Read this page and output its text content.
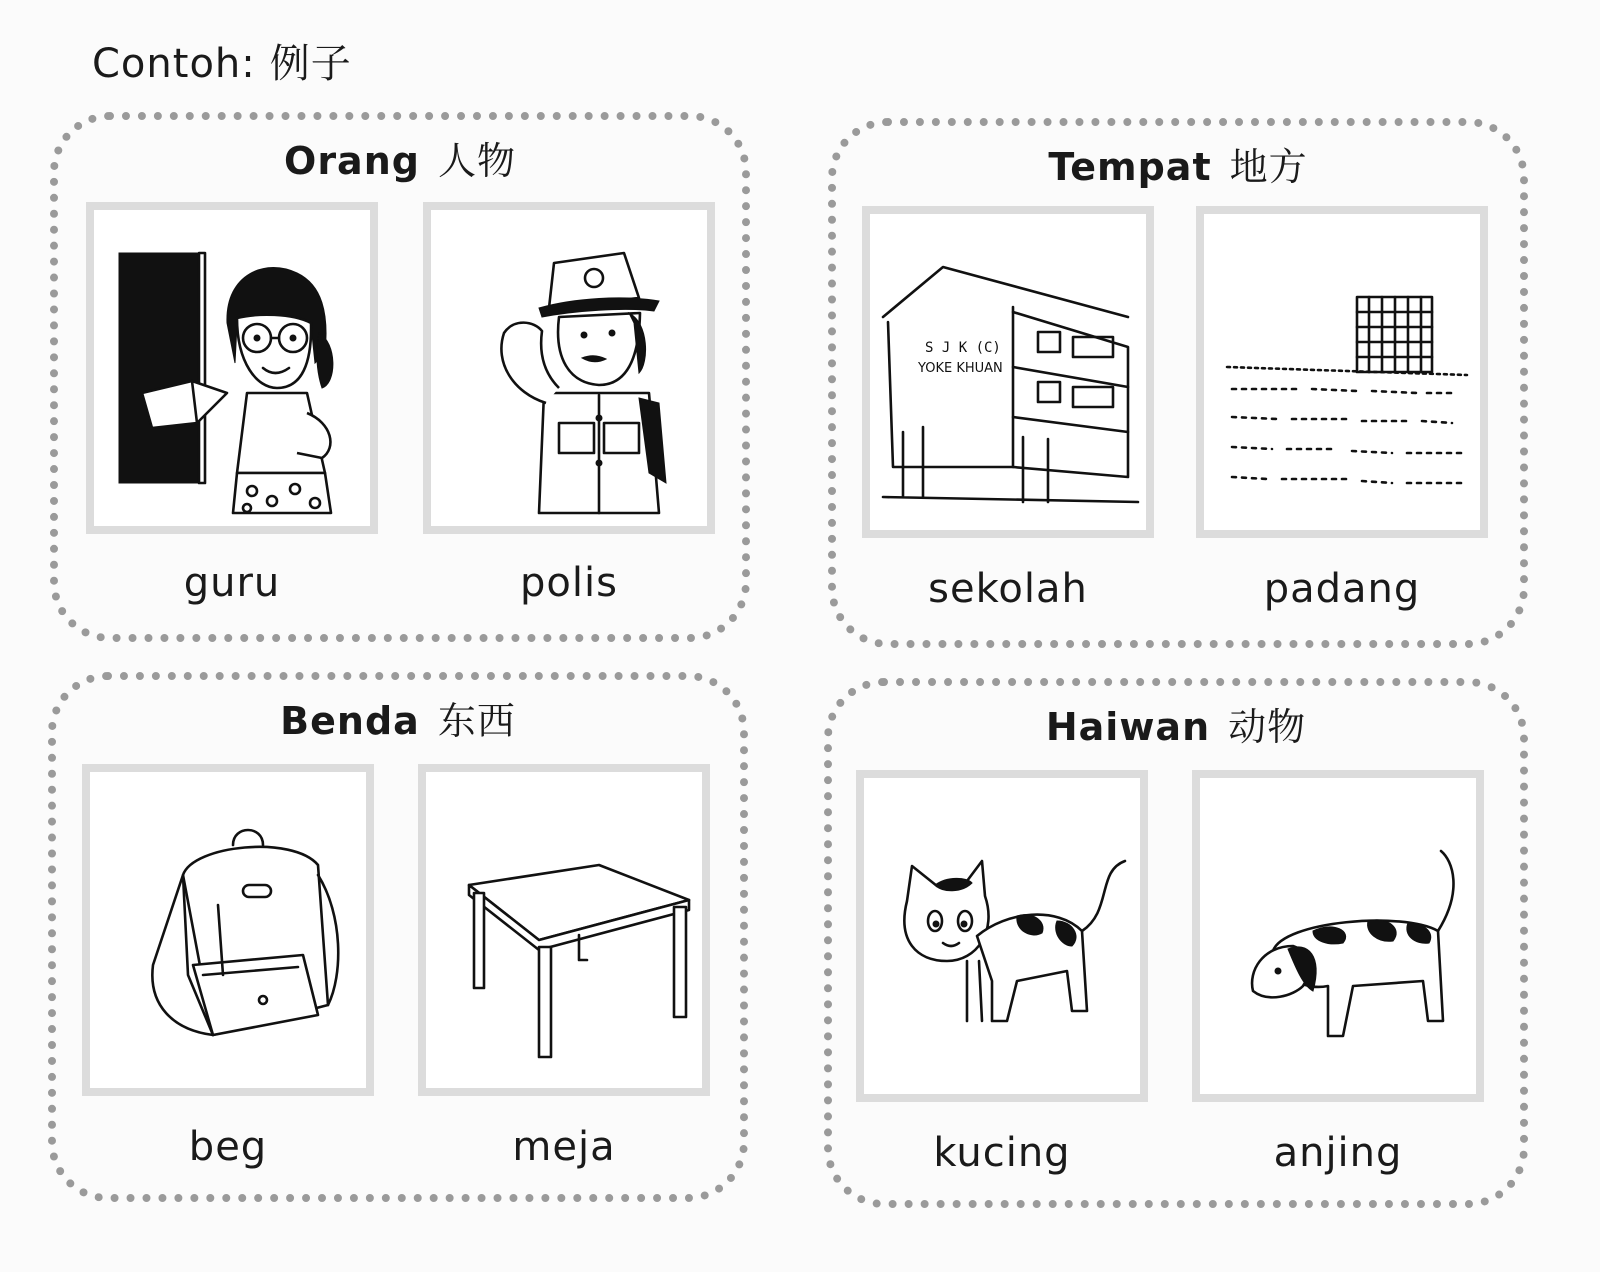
Contoh: 例子
Orang 人物
guru	polis
Tempat 地方
S J K (C)
YOKE KHUAN
sekolah	padang
Benda 东西
beg	meja
Haiwan 动物
kucing	anjing
